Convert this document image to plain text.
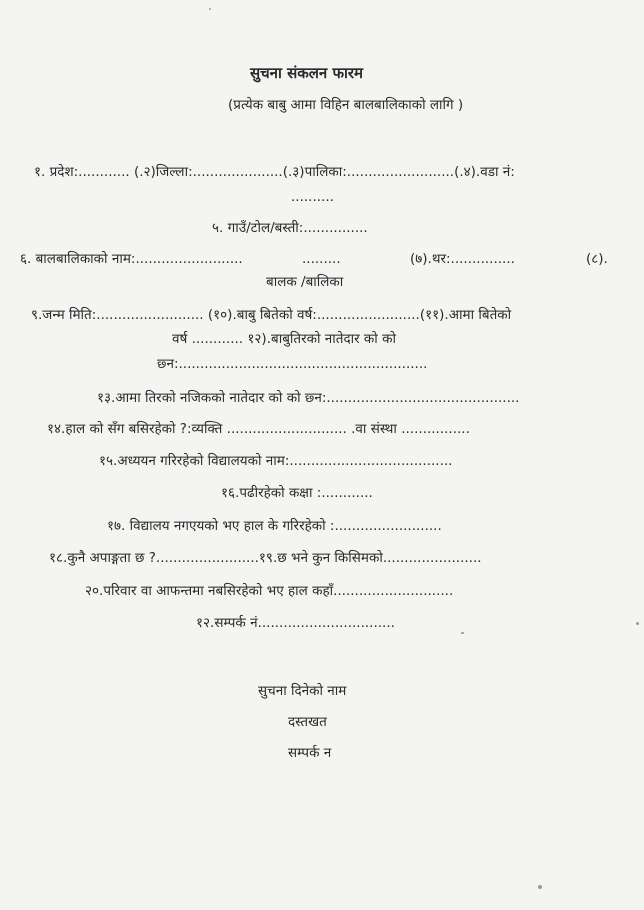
सुचना संकलन फारम
(प्रत्येक बाबु आमा विहिन बालबालिकाको लागि )
१. प्रदेश:............ (.२)जिल्ला:.....................(.३)पालिका:.........................(.४).वडा नं:
..........
५. गाउँ/टोल/बस्ती:...............
६. बालबालिकाको नाम:.........................	.........	(७).थर:...............	(८).
बालक /बालिका
९.जन्म मिति:......................... (१०).बाबु बितेको वर्ष:........................(११).आमा बितेको
वर्ष ............ १२).बाबुतिरको नातेदार को को
छ्न:..........................................................
१३.आमा तिरको नजिकको नातेदार को को छ्न:.............................................
१४.हाल को सँग बसिरहेको ?:व्यक्ति ............................ .वा संस्था ................
१५.अध्ययन गरिरहेको विद्यालयको नाम:......................................
१६.पढीरहेको कक्षा :............
१७. विद्यालय नगएयको भए हाल के गरिरहेको :.........................
१८.कुनै अपाङ्गता छ ?........................१९.छ भने कुन किसिमको.......................
२०.परिवार वा आफन्तमा नबसिरहेको भए हाल कहाँ............................
१२.सम्पर्क नं................................
सुचना दिनेको नाम
दस्तखत
सम्पर्क न
